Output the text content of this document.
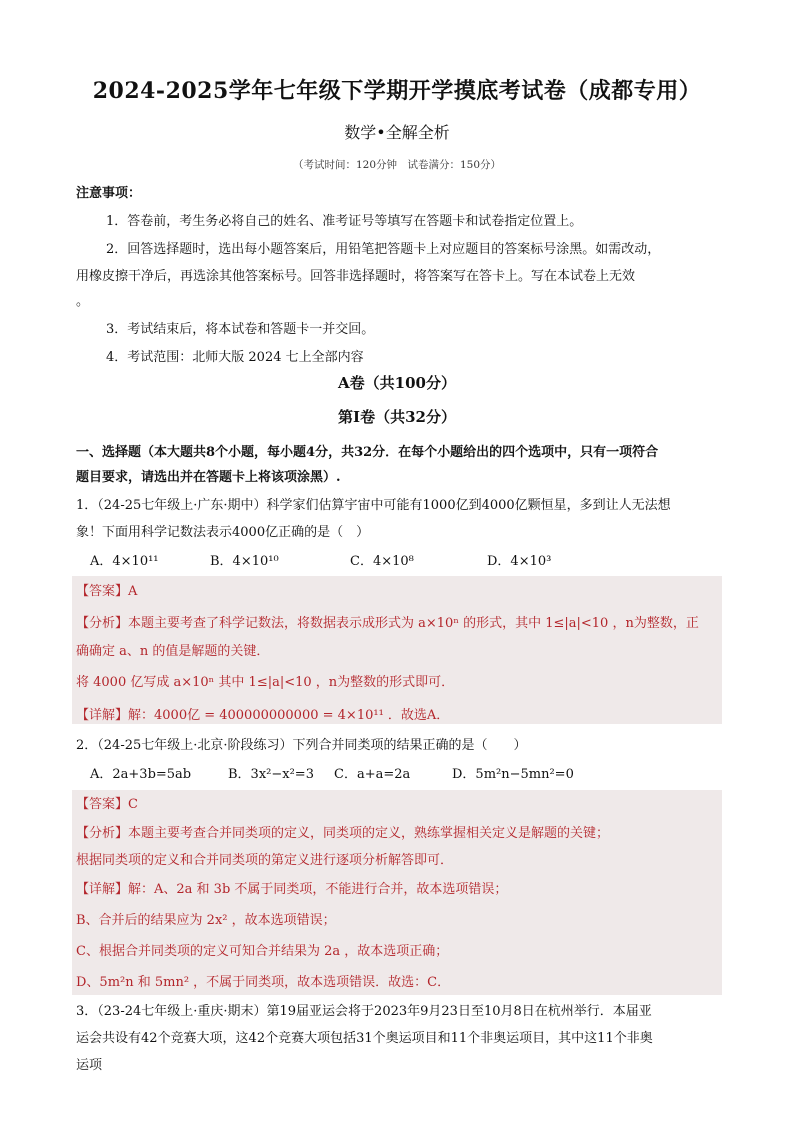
2024-2025学年七年级下学期开学摸底考试卷（成都专用）
数学•全解全析
（考试时间：120分钟　试卷满分：150分）
注意事项：
1．答卷前，考生务必将自己的姓名、准考证号等填写在答题卡和试卷指定位置上。
2．回答选择题时，选出每小题答案后，用铅笔把答题卡上对应题目的答案标号涂黑。如需改动，
用橡皮擦干净后，再选涂其他答案标号。回答非选择题时，将答案写在答卡上。写在本试卷上无效
。
3．考试结束后，将本试卷和答题卡一并交回。
4．考试范围：北师大版 2024 七上全部内容
A卷（共100分）
第Ⅰ卷（共32分）
一、选择题（本大题共8个小题，每小题4分，共32分．在每个小题给出的四个选项中，只有一项符合
题目要求，请选出并在答题卡上将该项涂黑）.
1．（24-25七年级上·广东·期中）科学家们估算宇宙中可能有1000亿到4000亿颗恒星，多到让人无法想
象！下面用科学记数法表示4000亿正确的是（　）
A．4×10¹¹	B．4×10¹⁰	C．4×10⁸	D．4×10³
【答案】A
【分析】本题主要考查了科学记数法，将数据表示成形式为 a×10ⁿ 的形式，其中 1≤|a|<10 ，n为整数，正
确确定 a、n 的值是解题的关键．
将 4000 亿写成 a×10ⁿ 其中 1≤|a|<10 ，n为整数的形式即可．
【详解】解：4000亿 = 400000000000 = 4×10¹¹ ．故选A．
2．（24-25七年级上·北京·阶段练习）下列合并同类项的结果正确的是（　　）
A．2a+3b=5ab	B．3x²−x²=3 C．a+a=2a	D．5m²n−5mn²=0
【答案】C
【分析】本题主要考查合并同类项的定义，同类项的定义，熟练掌握相关定义是解题的关键；
根据同类项的定义和合并同类项的第定义进行逐项分析解答即可．
【详解】解：A、2a 和 3b 不属于同类项，不能进行合并，故本选项错误；
B、合并后的结果应为 2x² ，故本选项错误；
C、根据合并同类项的定义可知合并结果为 2a ，故本选项正确；
D、5m²n 和 5mn² ，不属于同类项，故本选项错误．故选：C．
3．（23-24七年级上·重庆·期末）第19届亚运会将于2023年9月23日至10月8日在杭州举行．本届亚
运会共设有42个竞赛大项，这42个竞赛大项包括31个奥运项目和11个非奥运项目，其中这11个非奥
运项
